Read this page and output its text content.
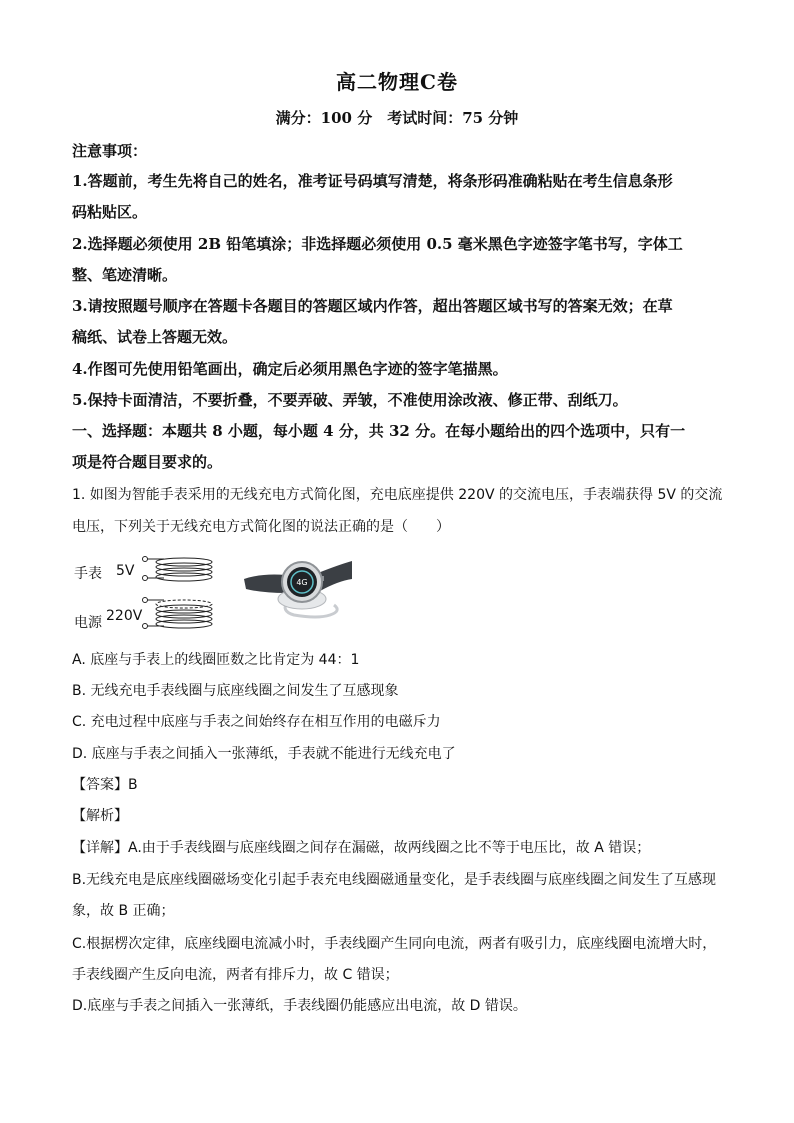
高二物理C卷
满分：100 分　考试时间：75 分钟
注意事项：
1.答题前，考生先将自己的姓名，准考证号码填写清楚，将条形码准确粘贴在考生信息条形
码粘贴区。
2.选择题必须使用 2B 铅笔填涂；非选择题必须使用 0.5 毫米黑色字迹签字笔书写，字体工
整、笔迹清晰。
3.请按照题号顺序在答题卡各题目的答题区域内作答，超出答题区域书写的答案无效；在草
稿纸、试卷上答题无效。
4.作图可先使用铅笔画出，确定后必须用黑色字迹的签字笔描黑。
5.保持卡面清洁，不要折叠，不要弄破、弄皱，不准使用涂改液、修正带、刮纸刀。
一、选择题：本题共 8 小题，每小题 4 分，共 32 分。在每小题给出的四个选项中，只有一
项是符合题目要求的。
1. 如图为智能手表采用的无线充电方式简化图，充电底座提供 220V 的交流电压，手表端获得 5V 的交流
电压，下列关于无线充电方式简化图的说法正确的是（　　）
手表 5V
电源 220V
4G
A. 底座与手表上的线圈匝数之比肯定为 44：1
B. 无线充电手表线圈与底座线圈之间发生了互感现象
C. 充电过程中底座与手表之间始终存在相互作用的电磁斥力
D. 底座与手表之间插入一张薄纸，手表就不能进行无线充电了
【答案】B
【解析】
【详解】A.由于手表线圈与底座线圈之间存在漏磁，故两线圈之比不等于电压比，故 A 错误；
B.无线充电是底座线圈磁场变化引起手表充电线圈磁通量变化，是手表线圈与底座线圈之间发生了互感现
象，故 B 正确；
C.根据楞次定律，底座线圈电流减小时，手表线圈产生同向电流，两者有吸引力，底座线圈电流增大时，
手表线圈产生反向电流，两者有排斥力，故 C 错误；
D.底座与手表之间插入一张薄纸，手表线圈仍能感应出电流，故 D 错误。
